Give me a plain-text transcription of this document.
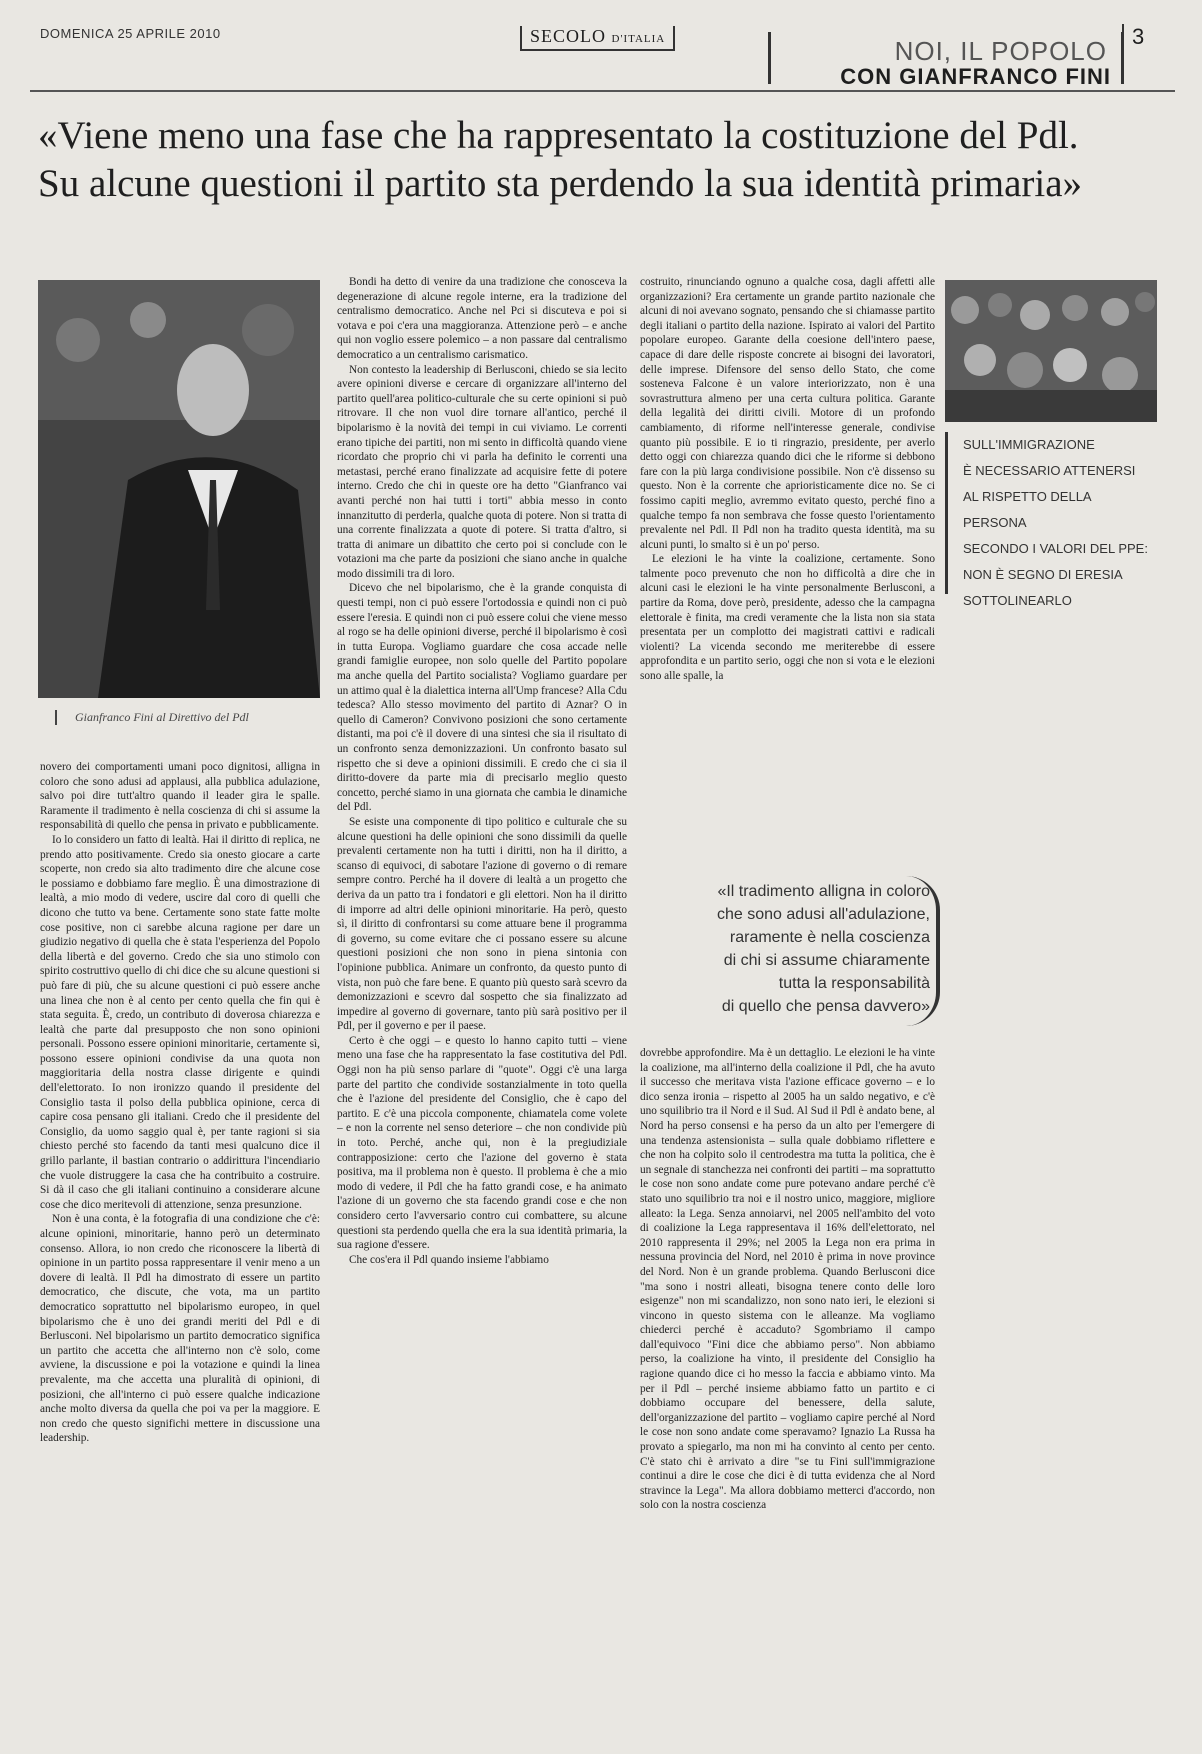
DOMENICA 25 APRILE 2010	SECOLO D'ITALIA	NOI, IL POPOLO
CON GIANFRANCO FINI
3
«Viene meno una fase che ha rappresentato la costituzione del Pdl.
Su alcune questioni il partito sta perdendo la sua identità primaria»
Gianfranco Fini al Direttivo del Pdl

novero dei comportamenti umani poco dignitosi, alligna in coloro che sono adusi ad applausi, alla pubblica adulazione, salvo poi dire tutt'altro quando il leader gira le spalle. Raramente il tradimento è nella coscienza di chi si assume la responsabilità di quello che pensa in privato e pubblicamente.

Io lo considero un fatto di lealtà. Hai il diritto di replica, ne prendo atto positivamente. Credo sia onesto giocare a carte scoperte, non credo sia alto tradimento dire che alcune cose le possiamo e dobbiamo fare meglio. È una dimostrazione di lealtà, a mio modo di vedere, uscire dal coro di quelli che dicono che tutto va bene. Certamente sono state fatte molte cose positive, non ci sarebbe alcuna ragione per dare un giudizio negativo di quella che è stata l'esperienza del Popolo della libertà e del governo. Credo che sia uno stimolo con spirito costruttivo quello di chi dice che su alcune questioni si può fare di più, che su alcune questioni ci può essere anche una linea che non è al cento per cento quella che fin qui è stata seguita. È, credo, un contributo di doverosa chiarezza e lealtà che parte dal presupposto che non sono opinioni personali. Possono essere opinioni minoritarie, certamente sì, possono essere opinioni condivise da una quota non maggioritaria della nostra classe dirigente e quindi dell'elettorato. Io non ironizzo quando il presidente del Consiglio tasta il polso della pubblica opinione, cerca di capire cosa pensano gli italiani. Credo che il presidente del Consiglio, da uomo saggio qual è, per tante ragioni si sia chiesto perché sto facendo da tanti mesi qualcuno dice il grillo parlante, il bastian contrario o addirittura l'incendiario che vuole distruggere la casa che ha contribuito a costruire. Si dà il caso che gli italiani continuino a considerare alcune cose che dico meritevoli di attenzione, senza presunzione.

Non è una conta, è la fotografia di una condizione che c'è: alcune opinioni, minoritarie, hanno però un determinato consenso. Allora, io non credo che riconoscere la libertà di opinione in un partito possa rappresentare il venir meno a un dovere di lealtà. Il Pdl ha dimostrato di essere un partito democratico, che discute, che vota, ma un partito democratico soprattutto nel bipolarismo europeo, in quel bipolarismo che è uno dei grandi meriti del Pdl e di Berlusconi. Nel bipolarismo un partito democratico significa un partito che accetta che all'interno non c'è solo, come avviene, la discussione e poi la votazione e quindi la linea prevalente, ma che accetta una pluralità di opinioni, di posizioni, che all'interno ci può essere qualche indicazione anche molto diversa da quella che poi va per la maggiore. E non credo che questo significhi mettere in discussione una leadership.

Bondi ha detto di venire da una tradizione che conosceva la degenerazione di alcune regole interne, era la tradizione del centralismo democratico. Anche nel Pci si discuteva e poi si votava e poi c'era una maggioranza. Attenzione però – e anche qui non voglio essere polemico – a non passare dal centralismo democratico a un centralismo carismatico.

Non contesto la leadership di Berlusconi, chiedo se sia lecito avere opinioni diverse e cercare di organizzare all'interno del partito quell'area politico-culturale che su certe opinioni si può ritrovare. Il che non vuol dire tornare all'antico, perché il bipolarismo è la novità dei tempi in cui viviamo. Le correnti erano tipiche dei partiti, non mi sento in difficoltà quando viene ricordato che proprio chi vi parla ha definito le correnti una metastasi, perché erano finalizzate ad acquisire fette di potere interno. Credo che chi in queste ore ha detto "Gianfranco vai avanti perché non hai tutti i torti" abbia messo in conto innanzitutto di perderla, qualche quota di potere. Non si tratta di una corrente finalizzata a quote di potere. Si tratta d'altro, si tratta di animare un dibattito che certo poi si conclude con le votazioni ma che parte da posizioni che siano anche in qualche modo dissimili tra di loro.

Dicevo che nel bipolarismo, che è la grande conquista di questi tempi, non ci può essere l'ortodossia e quindi non ci può essere l'eresia. E quindi non ci può essere colui che viene messo al rogo se ha delle opinioni diverse, perché il bipolarismo è così in tutta Europa. Vogliamo guardare che cosa accade nelle grandi famiglie europee, non solo quelle del Partito popolare ma anche quella del Partito socialista? Vogliamo guardare per un attimo qual è la dialettica interna all'Ump francese? Alla Cdu tedesca? Allo stesso movimento del partito di Aznar? O in quello di Cameron? Convivono posizioni che sono certamente distanti, ma poi c'è il dovere di una sintesi che sia il risultato di un confronto senza demonizzazioni. Un confronto basato sul rispetto che si deve a opinioni dissimili. E credo che ci sia il diritto-dovere da parte mia di precisarlo meglio questo concetto, perché siamo in una giornata che cambia le dinamiche del Pdl.

Se esiste una componente di tipo politico e culturale che su alcune questioni ha delle opinioni che sono dissimili da quelle prevalenti certamente non ha tutti i diritti, non ha il diritto, a scanso di equivoci, di sabotare l'azione di governo o di remare sempre contro. Perché ha il dovere di lealtà a un progetto che deriva da un patto tra i fondatori e gli elettori. Non ha il diritto di imporre ad altri delle opinioni minoritarie. Ha però, questo sì, il diritto di confrontarsi su come attuare bene il programma di governo, su come evitare che ci possano essere su alcune questioni posizioni che non sono in piena sintonia con l'opinione pubblica. Animare un confronto, da questo punto di vista, non può che fare bene. E quanto più questo sarà scevro da demonizzazioni e scevro dal sospetto che sia finalizzato ad impedire al governo di governare, tanto più sarà positivo per il Pdl, per il governo e per il paese.

Certo è che oggi – e questo lo hanno capito tutti – viene meno una fase che ha rappresentato la fase costitutiva del Pdl. Oggi non ha più senso parlare di "quote". Oggi c'è una larga parte del partito che condivide sostanzialmente in toto quella che è l'azione del presidente del Consiglio, che è capo del partito. E c'è una piccola componente, chiamatela come volete – e non la corrente nel senso deteriore – che non condivide più in toto. Perché, anche qui, non è la pregiudiziale contrapposizione: certo che l'azione del governo è stata positiva, ma il problema non è questo. Il problema è che a mio modo di vedere, il Pdl che ha fatto grandi cose, e ha animato l'azione di un governo che sta facendo grandi cose e che non considero certo l'avversario contro cui combattere, su alcune questioni sta perdendo quella che era la sua identità primaria, la sua ragione d'essere.

Che cos'era il Pdl quando insieme l'abbiamo

costruito, rinunciando ognuno a qualche cosa, dagli affetti alle organizzazioni? Era certamente un grande partito nazionale che alcuni di noi avevano sognato, pensando che si chiamasse partito degli italiani o partito della nazione. Ispirato ai valori del Partito popolare europeo. Garante della coesione dell'intero paese, capace di dare delle risposte concrete ai bisogni dei lavoratori, delle imprese. Difensore del senso dello Stato, che come sosteneva Falcone è un valore interiorizzato, non è una sovrastruttura almeno per una certa cultura politica. Garante della legalità dei diritti civili. Motore di un profondo cambiamento, di riforme nell'interesse generale, condivise quanto più possibile. E io ti ringrazio, presidente, per averlo detto oggi con chiarezza quando dici che le riforme si debbono fare con la più larga condivisione possibile. Non c'è dissenso su questo. Non è la corrente che aprioristicamente dice no. Se ci fossimo capiti meglio, avremmo evitato questo, perché fino a qualche tempo fa non sembrava che fosse questo l'orientamento prevalente nel Pdl. Il Pdl non ha tradito questa identità, ma su alcuni punti, lo smalto si è un po' perso.

Le elezioni le ha vinte la coalizione, certamente. Sono talmente poco prevenuto che non ho difficoltà a dire che in alcuni casi le elezioni le ha vinte personalmente Berlusconi, a partire da Roma, dove però, presidente, adesso che la campagna elettorale è finita, ma credi veramente che la lista non sia stata presentata per un complotto dei magistrati cattivi e radicali violenti? La vicenda secondo me meriterebbe di essere approfondita e un partito serio, oggi che non si vota e le elezioni sono alle spalle, la

«Il tradimento alligna in coloro
che sono adusi all'adulazione,
raramente è nella coscienza
di chi si assume chiaramente
tutta la responsabilità
di quello che pensa davvero»

dovrebbe approfondire. Ma è un dettaglio. Le elezioni le ha vinte la coalizione, ma all'interno della coalizione il Pdl, che ha avuto il successo che meritava vista l'azione efficace governo – e lo dico senza ironia – rispetto al 2005 ha un saldo negativo, e c'è uno squilibrio tra il Nord e il Sud. Al Sud il Pdl è andato bene, al Nord ha perso consensi e ha perso da un alto per l'emergere di una tendenza astensionista – sulla quale dobbiamo riflettere e che non ha colpito solo il centrodestra ma tutta la politica, che è un segnale di stanchezza nei confronti dei partiti – ma soprattutto le cose non sono andate come pure potevano andare perché c'è stato uno squilibrio tra noi e il nostro unico, maggiore, migliore alleato: la Lega. Senza annoiarvi, nel 2005 nell'ambito del voto di coalizione la Lega rappresentava il 16% dell'elettorato, nel 2010 rappresenta il 29%; nel 2005 la Lega non era prima in nessuna provincia del Nord, nel 2010 è prima in nove province del Nord. Non è un grande problema. Quando Berlusconi dice "ma sono i nostri alleati, bisogna tenere conto delle loro esigenze" non mi scandalizzo, non sono nato ieri, le elezioni si vincono in questo sistema con le alleanze. Ma vogliamo chiederci perché è accaduto? Sgombriamo il campo dall'equivoco "Fini dice che abbiamo perso". Non abbiamo perso, la coalizione ha vinto, il presidente del Consiglio ha ragione quando dice ci ho messo la faccia e abbiamo vinto. Ma per il Pdl – perché insieme abbiamo fatto un partito e ci dobbiamo occupare del benessere, della salute, dell'organizzazione del partito – vogliamo capire perché al Nord le cose non sono andate come speravamo? Ignazio La Russa ha provato a spiegarlo, ma non mi ha convinto al cento per cento. C'è stato chi è arrivato a dire "se tu Fini sull'immigrazione continui a dire le cose che dici è di tutta evidenza che al Nord stravince la Lega". Ma allora dobbiamo metterci d'accordo, non solo con la nostra coscienza

SULL'IMMIGRAZIONE
È NECESSARIO ATTENERSI
AL RISPETTO DELLA PERSONA
SECONDO I VALORI DEL PPE:
NON È SEGNO DI ERESIA
SOTTOLINEARLO
